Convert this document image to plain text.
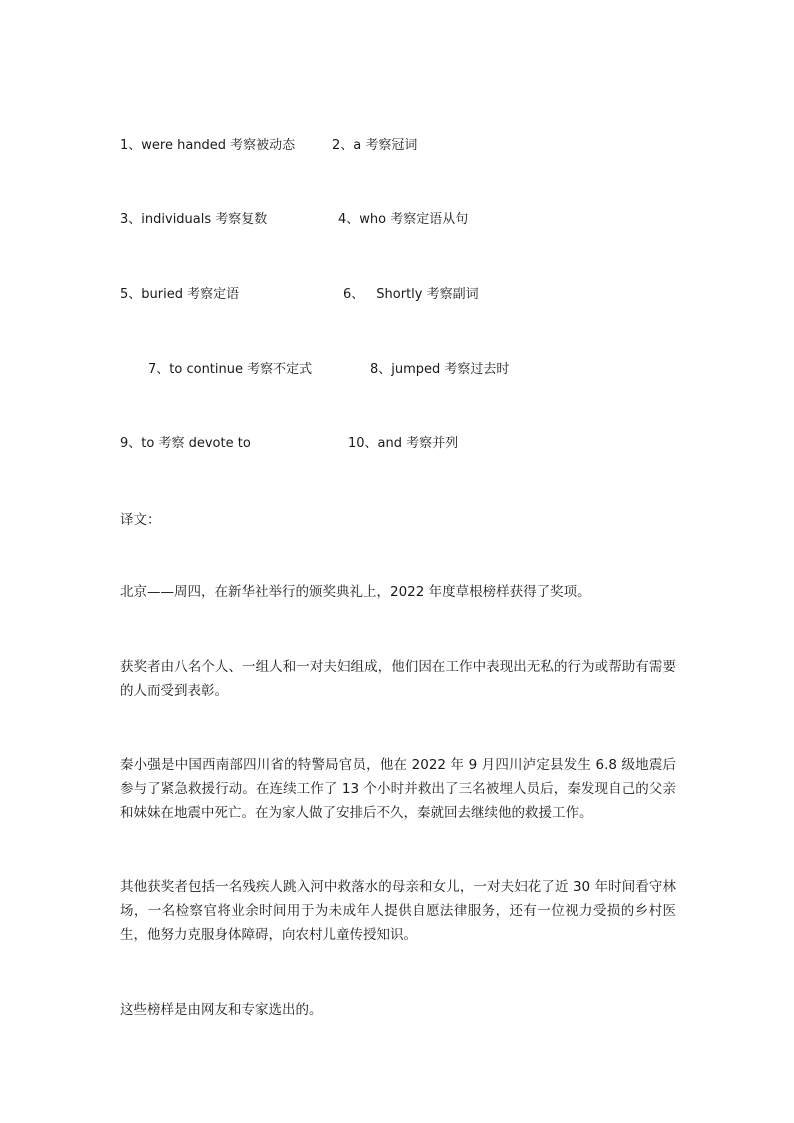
1、were handed 考察被动态	2、a 考察冠词
3、individuals 考察复数	4、who 考察定语从句
5、buried 考察定语	6、 Shortly 考察副词
7、to continue 考察不定式	8、jumped 考察过去时
9、to 考察 devote to	10、and 考察并列
译文：
北京——周四，在新华社举行的颁奖典礼上，2022 年度草根榜样获得了奖项。
获奖者由八名个人、一组人和一对夫妇组成，他们因在工作中表现出无私的行为或帮助有需要的人而受到表彰。
秦小强是中国西南部四川省的特警局官员，他在 2022 年 9 月四川泸定县发生 6.8 级地震后参与了紧急救援行动。在连续工作了 13 个小时并救出了三名被埋人员后，秦发现自己的父亲和妹妹在地震中死亡。在为家人做了安排后不久，秦就回去继续他的救援工作。
其他获奖者包括一名残疾人跳入河中救落水的母亲和女儿，一对夫妇花了近 30 年时间看守林场，一名检察官将业余时间用于为未成年人提供自愿法律服务，还有一位视力受损的乡村医生，他努力克服身体障碍，向农村儿童传授知识。
这些榜样是由网友和专家选出的。
